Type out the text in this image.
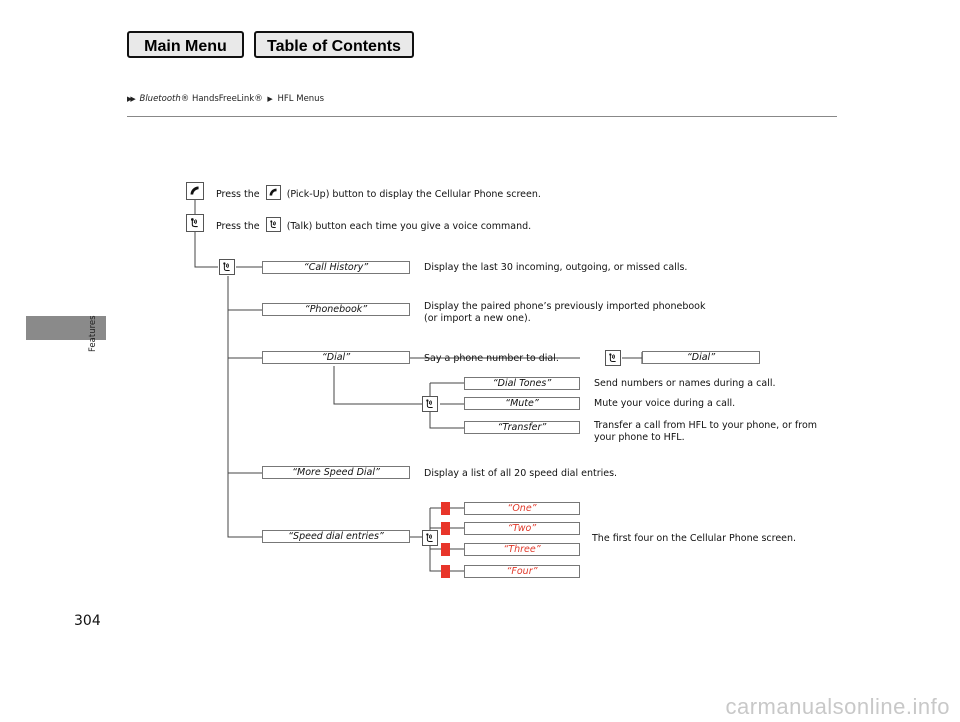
Main Menu	Table of Contents
▶▶ Bluetooth® HandsFreeLink® ▶ HFL Menus
Features
Press the	(Pick-Up) button to display the Cellular Phone screen.
Press the	(Talk) button each time you give a voice command.
“Call History”	Display the last 30 incoming, outgoing, or missed calls.
“Phonebook”	Display the paired phone’s previously imported phonebook
(or import a new one).
“Dial”	Say a phone number to dial.	“Dial”
“Dial Tones”	Send numbers or names during a call.
“Mute”	Mute your voice during a call.
“Transfer”	Transfer a call from HFL to your phone, or from
your phone to HFL.
“More Speed Dial”	Display a list of all 20 speed dial entries.
“Speed dial entries”	The first four on the Cellular Phone screen.
“One”
“Two”
“Three”
“Four”
304
carmanualsonline.info
